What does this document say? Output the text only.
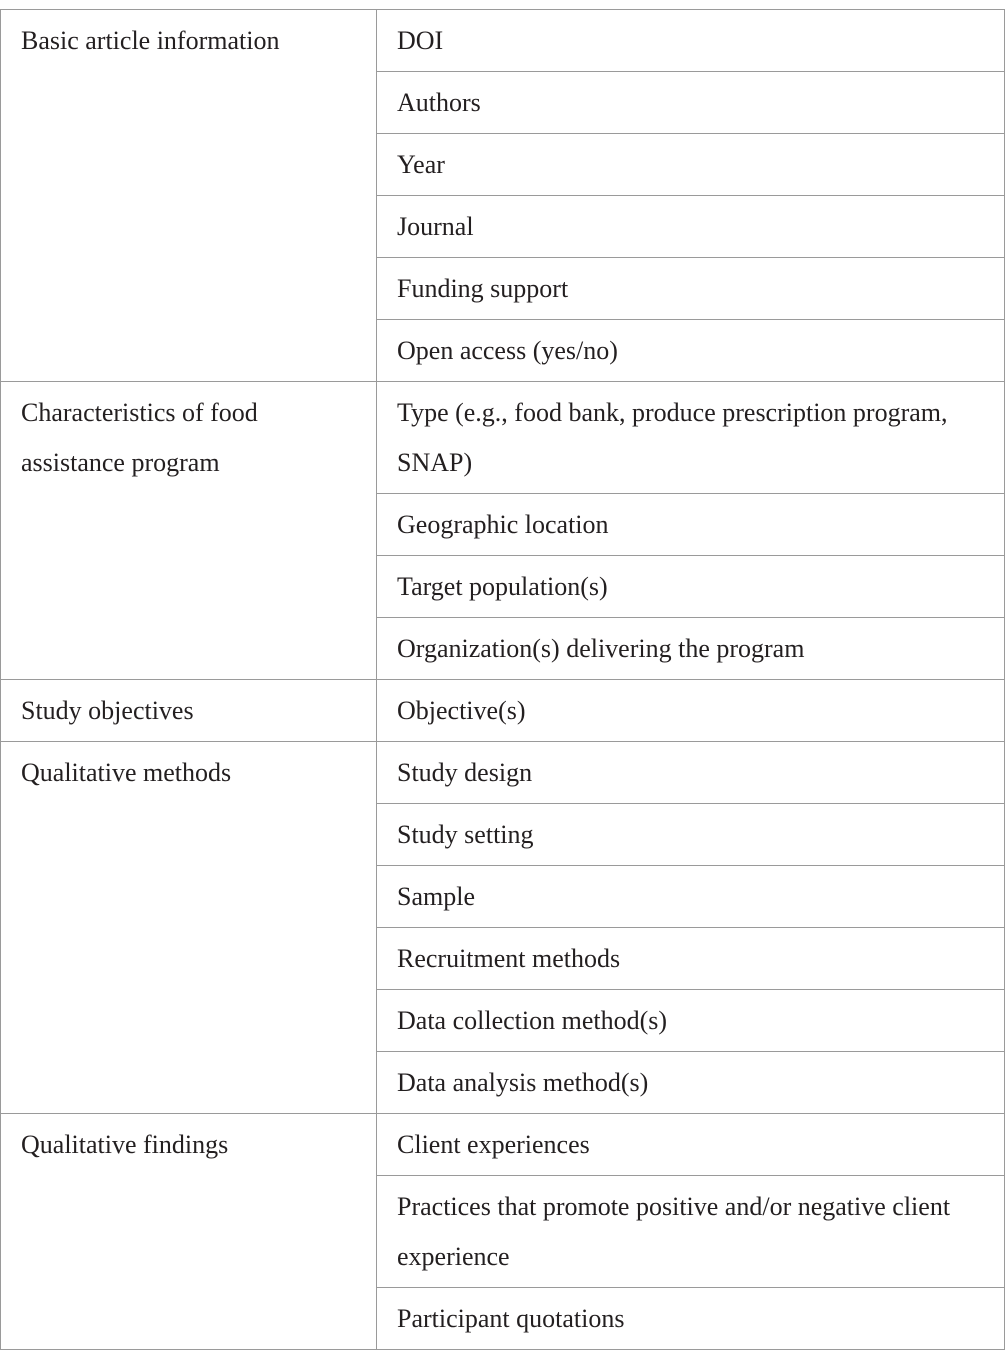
Basic article information	DOI
	Authors
	Year
	Journal
	Funding support
	Open access (yes/no)
Characteristics of food assistance program	Type (e.g., food bank, produce prescription program, SNAP)
	Geographic location
	Target population(s)
	Organization(s) delivering the program
Study objectives	Objective(s)
Qualitative methods	Study design
	Study setting
	Sample
	Recruitment methods
	Data collection method(s)
	Data analysis method(s)
Qualitative findings	Client experiences
	Practices that promote positive and/or negative client experience
	Participant quotations
